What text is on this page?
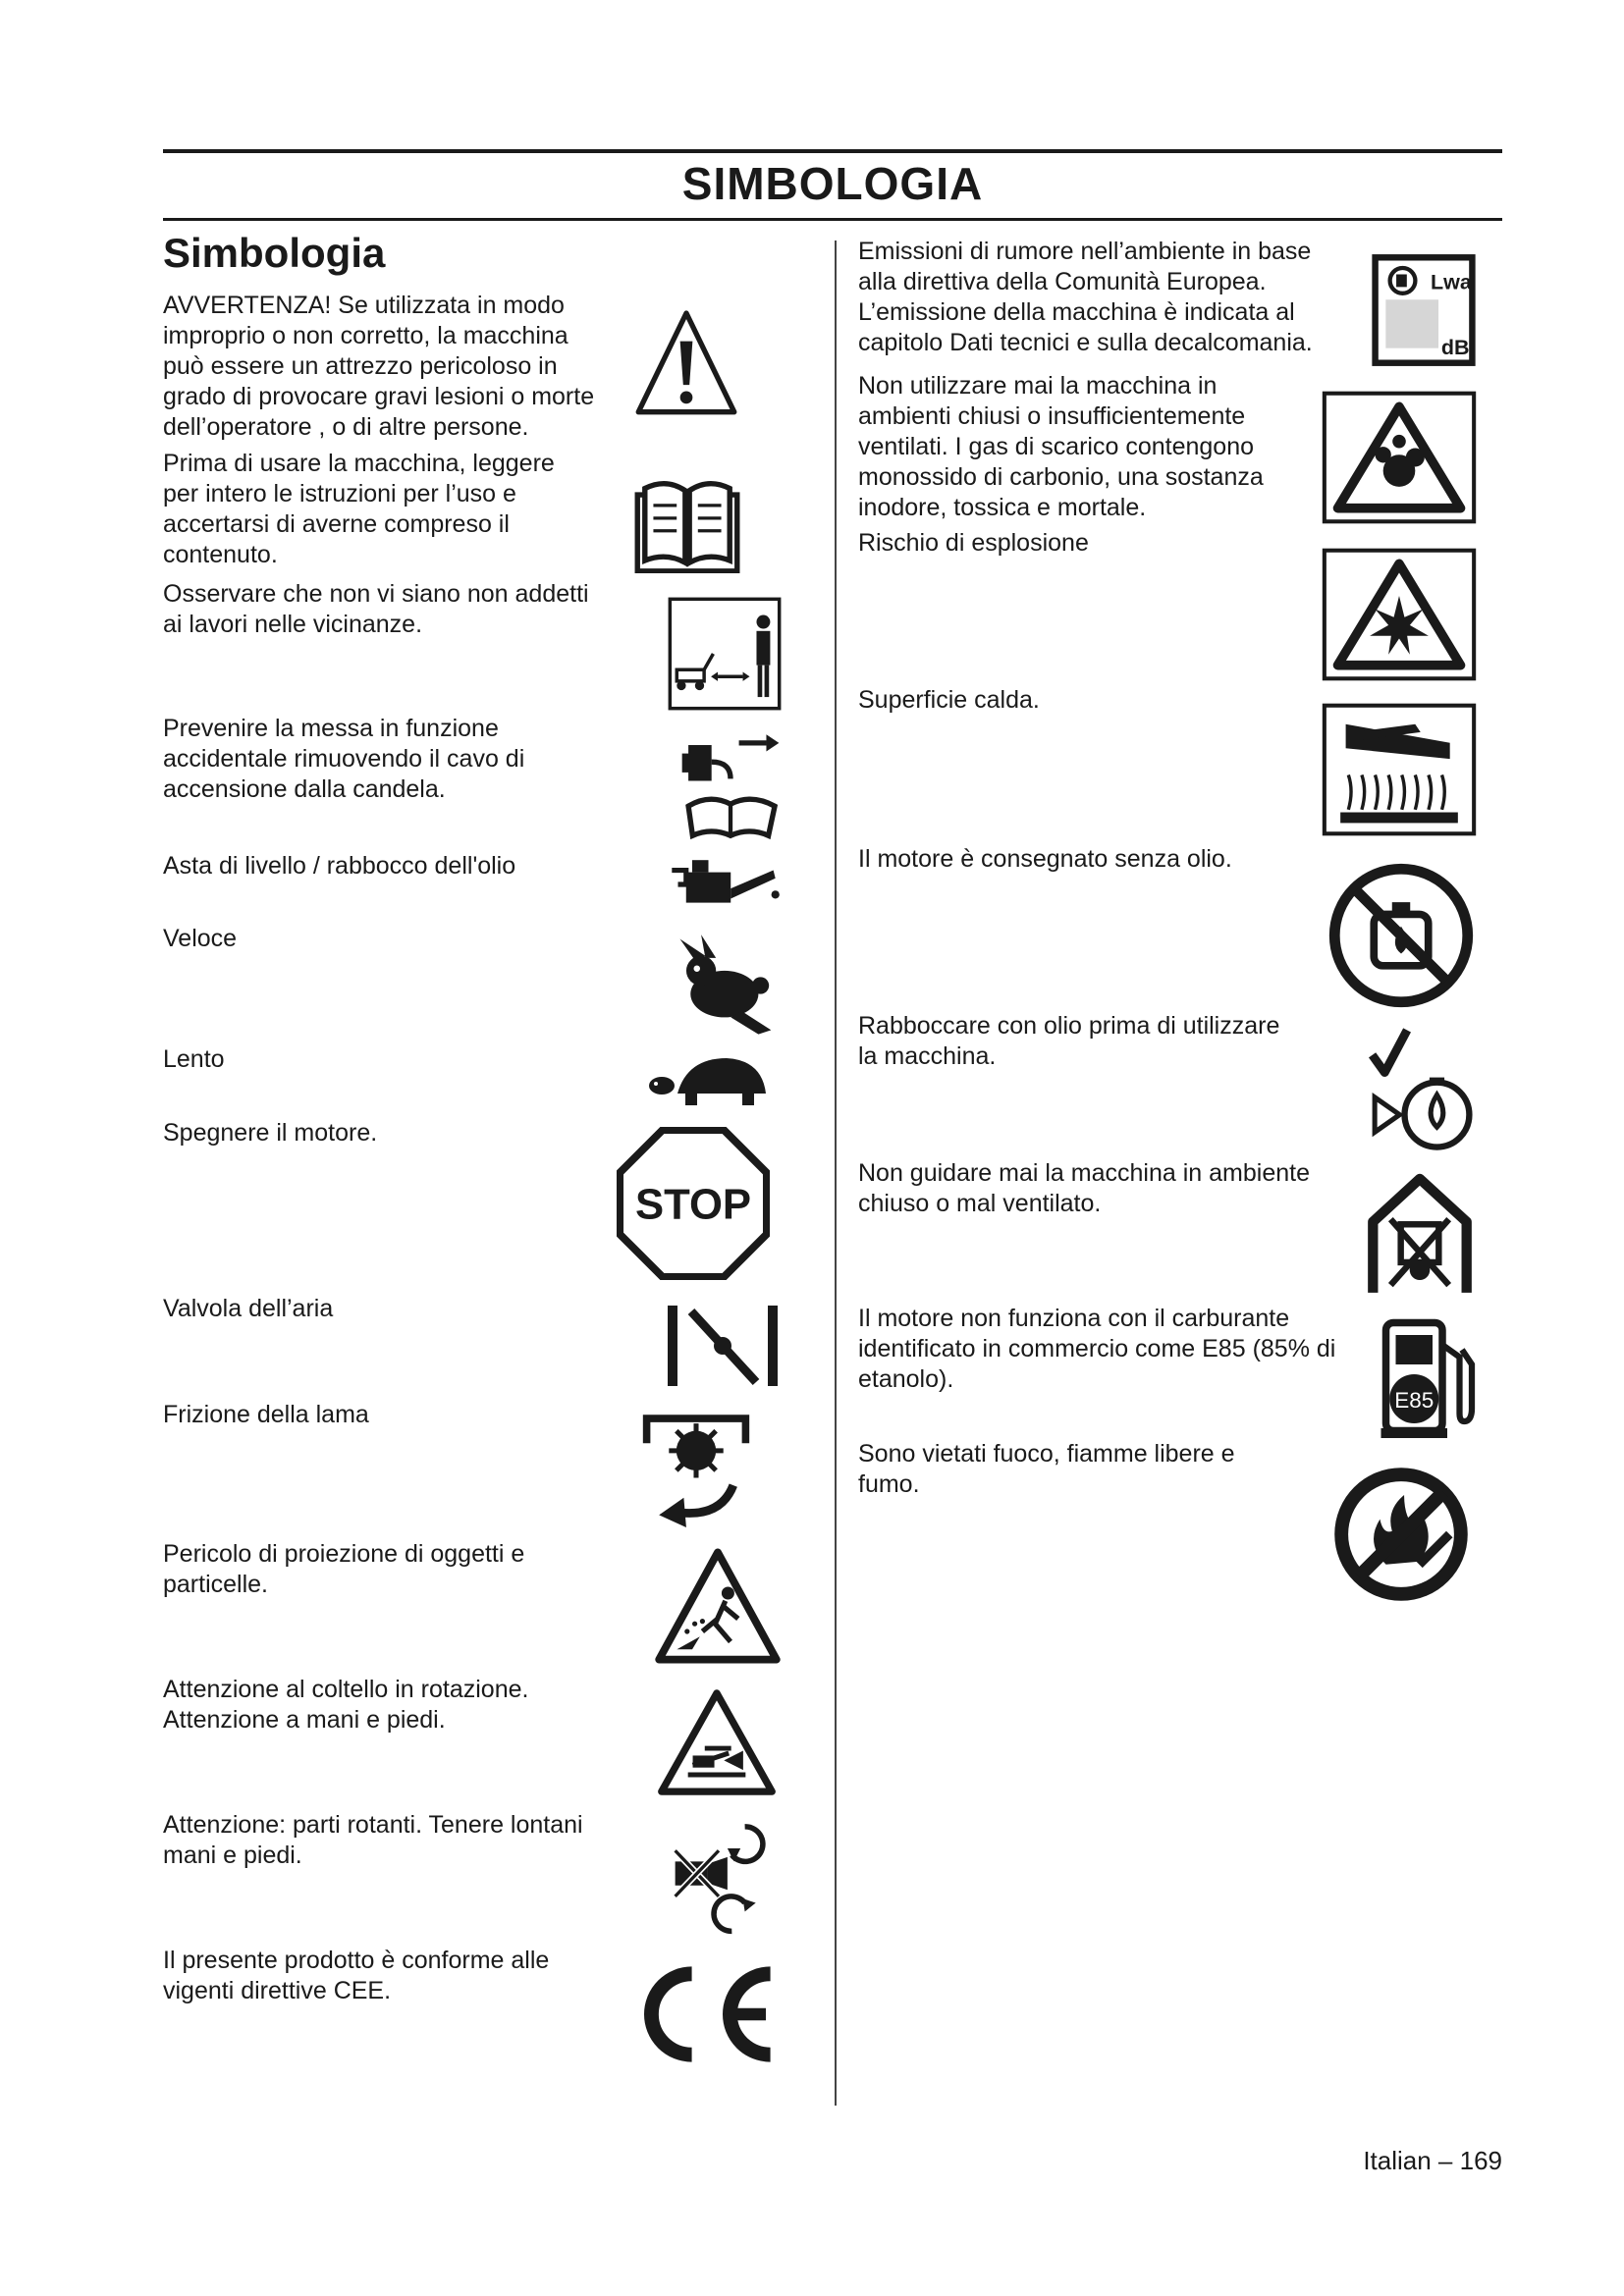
SIMBOLOGIA
Simbologia

AVVERTENZA! Se utilizzata in modo
improprio o non corretto, la macchina
può essere un attrezzo pericoloso in
grado di provocare gravi lesioni o morte
dell’operatore , o di altre persone.

Prima di usare la macchina, leggere
per intero le istruzioni per l’uso e
accertarsi di averne compreso il
contenuto.

Osservare che non vi siano non addetti
ai lavori nelle vicinanze.

Prevenire la messa in funzione
accidentale rimuovendo il cavo di
accensione dalla candela.

Asta di livello / rabbocco dell'olio

Veloce

Lento

Spegnere il motore.

Valvola dell’aria

Frizione della lama

Pericolo di proiezione di oggetti e
particelle.

Attenzione al coltello in rotazione.
Attenzione a mani e piedi.

Attenzione: parti rotanti. Tenere lontani
mani e piedi.

Il presente prodotto è conforme alle
vigenti direttive CEE.

STOP

Emissioni di rumore nell’ambiente in base
alla direttiva della Comunità Europea.
L’emissione della macchina è indicata al
capitolo Dati tecnici e sulla decalcomania.

Non utilizzare mai la macchina in
ambienti chiusi o insufficientemente
ventilati. I gas di scarico contengono
monossido di carbonio, una sostanza
inodore, tossica e mortale.

Rischio di esplosione

Superficie calda.

Il motore è consegnato senza olio.

Rabboccare con olio prima di utilizzare
la macchina.

Non guidare mai la macchina in ambiente
chiuso o mal ventilato.

Il motore non funziona con il carburante
identificato in commercio come E85 (85% di
etanolo).

Sono vietati fuoco, fiamme libere e
fumo.

Lwa
dB
E85
Italian – 169
